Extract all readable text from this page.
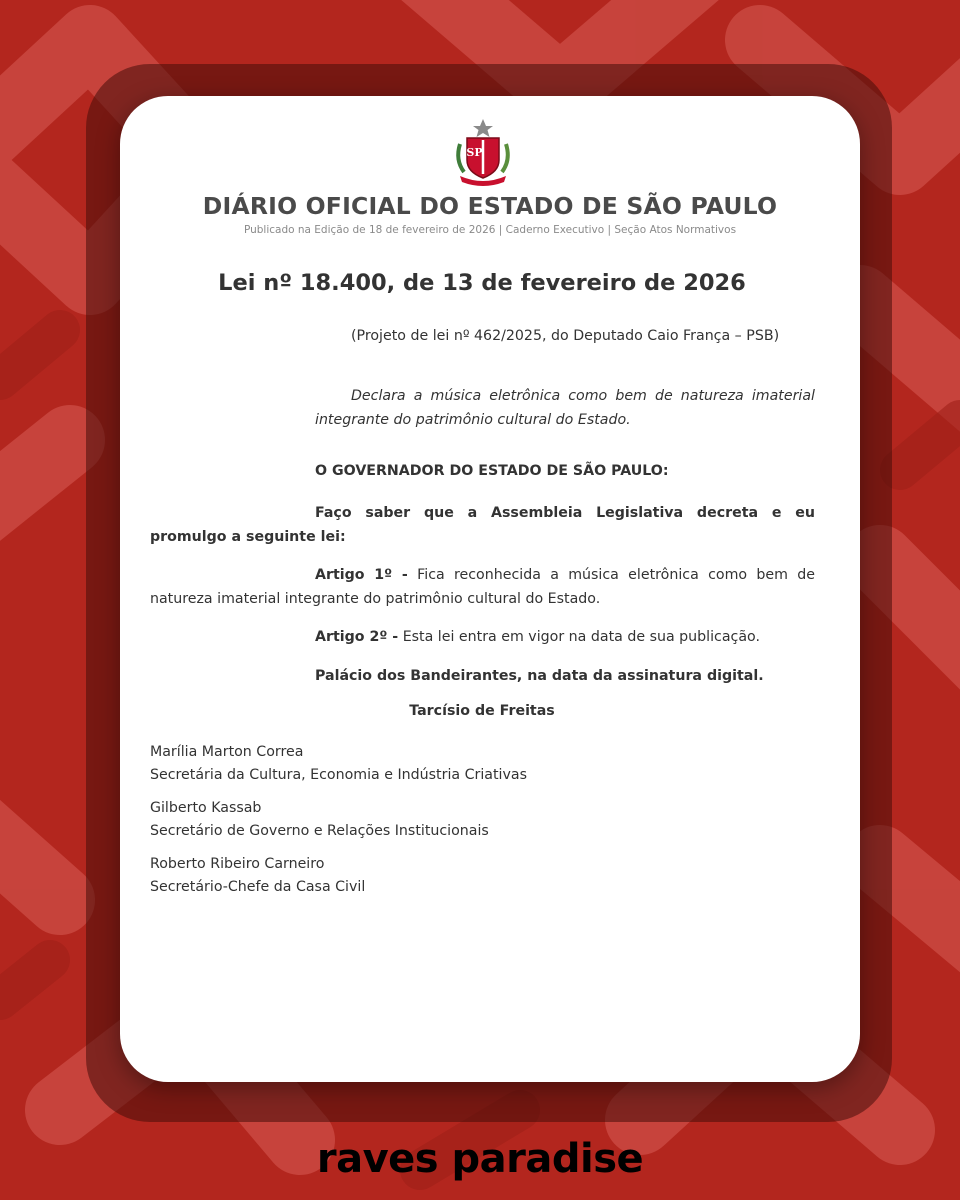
SP
DIÁRIO OFICIAL DO ESTADO DE SÃO PAULO
Publicado na Edição de 18 de fevereiro de 2026 | Caderno Executivo | Seção Atos Normativos
Lei nº 18.400, de 13 de fevereiro de 2026
(Projeto de lei nº 462/2025, do Deputado Caio França – PSB)
Declara a música eletrônica como bem de natureza imaterial integrante do patrimônio cultural do Estado.
O GOVERNADOR DO ESTADO DE SÃO PAULO:
Faço saber que a Assembleia Legislativa decreta e eu promulgo a seguinte lei:
Artigo 1º - Fica reconhecida a música eletrônica como bem de natureza imaterial integrante do patrimônio cultural do Estado.
Artigo 2º - Esta lei entra em vigor na data de sua publicação.
Palácio dos Bandeirantes, na data da assinatura digital.
Tarcísio de Freitas
Marília Marton Correa
Secretária da Cultura, Economia e Indústria Criativas
Gilberto Kassab
Secretário de Governo e Relações Institucionais
Roberto Ribeiro Carneiro
Secretário-Chefe da Casa Civil
raves paradise
